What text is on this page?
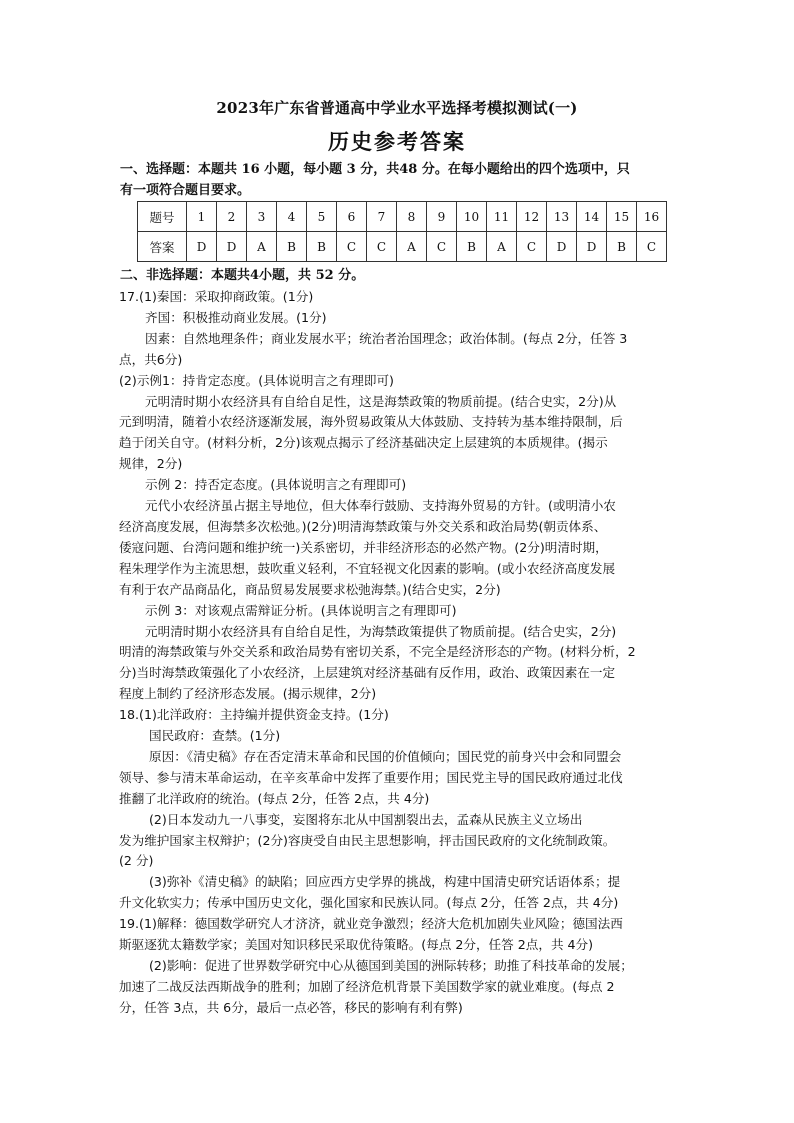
2023年广东省普通高中学业水平选择考模拟测试(一)
历史参考答案
一、选择题：本题共 16 小题，每小题 3 分，共48 分。在每小题给出的四个选项中，只
有一项符合题目要求。
题号	1	2	3	4	5	6	7	8	9	10	11	12	13	14	15	16
答案	D	D	A	B	B	C	C	A	C	B	A	C	D	D	B	C
二、非选择题：本题共4小题，共 52 分。
17.(1)秦国：采取抑商政策。(1分)
齐国：积极推动商业发展。(1分)
因素：自然地理条件；商业发展水平；统治者治国理念；政治体制。(每点 2分，任答 3
点，共6分)
(2)示例1：持肯定态度。(具体说明言之有理即可)
元明清时期小农经济具有自给自足性，这是海禁政策的物质前提。(结合史实，2分)从
元到明清，随着小农经济逐渐发展，海外贸易政策从大体鼓励、支持转为基本维持限制，后
趋于闭关自守。(材料分析，2分)该观点揭示了经济基础决定上层建筑的本质规律。(揭示
规律，2分)
示例 2：持否定态度。(具体说明言之有理即可)
元代小农经济虽占据主导地位，但大体奉行鼓励、支持海外贸易的方针。(或明清小农
经济高度发展，但海禁多次松弛。)(2分)明清海禁政策与外交关系和政治局势(朝贡体系、
倭寇问题、台湾问题和维护统一)关系密切，并非经济形态的必然产物。(2分)明清时期，
程朱理学作为主流思想，鼓吹重义轻利，不宜轻视文化因素的影响。(或小农经济高度发展
有利于农产品商品化，商品贸易发展要求松弛海禁。)(结合史实，2分)
示例 3：对该观点需辩证分析。(具体说明言之有理即可)
元明清时期小农经济具有自给自足性，为海禁政策提供了物质前提。(结合史实，2分)
明清的海禁政策与外交关系和政治局势有密切关系，不完全是经济形态的产物。(材料分析，2
分)当时海禁政策强化了小农经济，上层建筑对经济基础有反作用，政治、政策因素在一定
程度上制约了经济形态发展。(揭示规律，2分)
18.(1)北洋政府：主持编并提供资金支持。(1分)
国民政府：查禁。(1分)
原因：《清史稿》存在否定清末革命和民国的价值倾向；国民党的前身兴中会和同盟会
领导、参与清末革命运动，在辛亥革命中发挥了重要作用；国民党主导的国民政府通过北伐
推翻了北洋政府的统治。(每点 2分，任答 2点，共 4分)
(2)日本发动九一八事变，妄图将东北从中国割裂出去，孟森从民族主义立场出
发为维护国家主权辩护；(2分)容庚受自由民主思想影响，抨击国民政府的文化统制政策。
(2 分)
(3)弥补《清史稿》的缺陷；回应西方史学界的挑战，构建中国清史研究话语体系；提
升文化软实力；传承中国历史文化，强化国家和民族认同。(每点 2分，任答 2点，共 4分)
19.(1)解释：德国数学研究人才济济，就业竞争激烈；经济大危机加剧失业风险；德国法西
斯驱逐犹太籍数学家；美国对知识移民采取优待策略。(每点 2分，任答 2点，共 4分)
(2)影响：促进了世界数学研究中心从德国到美国的洲际转移；助推了科技革命的发展；
加速了二战反法西斯战争的胜利；加剧了经济危机背景下美国数学家的就业难度。(每点 2
分，任答 3点，共 6分，最后一点必答，移民的影响有利有弊)
